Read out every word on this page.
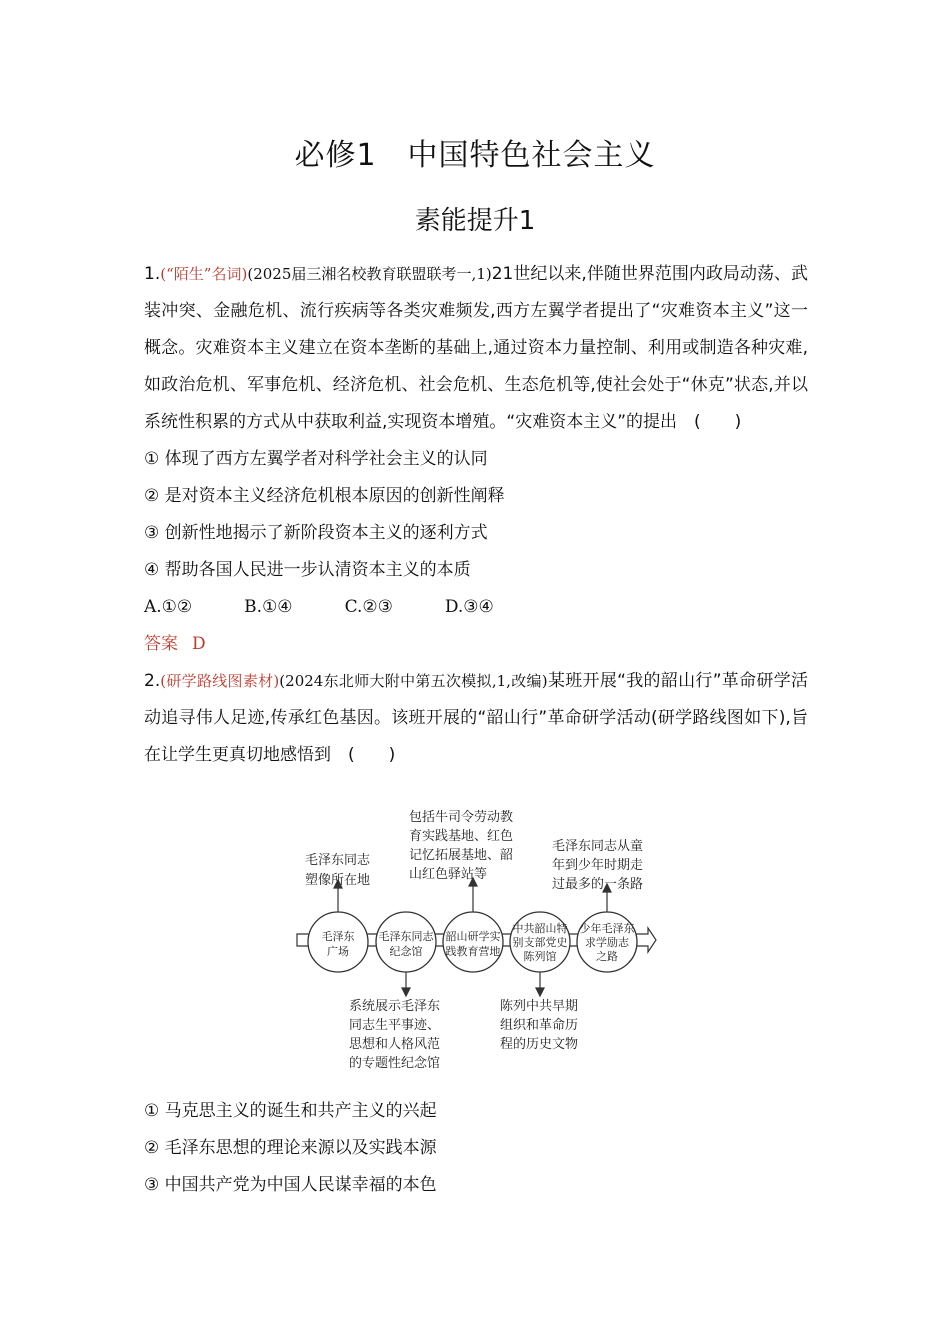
必修1　中国特色社会主义
素能提升1

1.(“陌生”名词)(2025届三湘名校教育联盟联考一,1)21世纪以来,伴随世界范围内政局动荡、武装冲突、金融危机、流行疾病等各类灾难频发,西方左翼学者提出了“灾难资本主义”这一概念。灾难资本主义建立在资本垄断的基础上,通过资本力量控制、利用或制造各种灾难,如政治危机、军事危机、经济危机、社会危机、生态危机等,使社会处于“休克”状态,并以系统性积累的方式从中获取利益,实现资本增殖。“灾难资本主义”的提出　(　　)

① 体现了西方左翼学者对科学社会主义的认同

② 是对资本主义经济危机根本原因的创新性阐释

③ 创新性地揭示了新阶段资本主义的逐利方式

④ 帮助各国人民进一步认清资本主义的本质

A.①②	B.①④	C.②③	D.③④

答案 D

2.(研学路线图素材)(2024东北师大附中第五次模拟,1,改编)某班开展“我的韶山行”革命研学活动追寻伟人足迹,传承红色基因。该班开展的“韶山行”革命研学活动(研学路线图如下),旨在让学生更真切地感悟到　(　　)

毛泽东
广场
毛泽东同志
纪念馆
韶山研学实
践教育营地
中共韶山特
别支部党史
陈列馆
少年毛泽东
求学励志
之路
毛泽东同志
塑像所在地
包括牛司令劳动教
育实践基地、红色
记忆拓展基地、韶
山红色驿站等
毛泽东同志从童
年到少年时期走
过最多的一条路
系统展示毛泽东
同志生平事迹、
思想和人格风范
的专题性纪念馆
陈列中共早期
组织和革命历
程的历史文物

① 马克思主义的诞生和共产主义的兴起

② 毛泽东思想的理论来源以及实践本源

③ 中国共产党为中国人民谋幸福的本色
